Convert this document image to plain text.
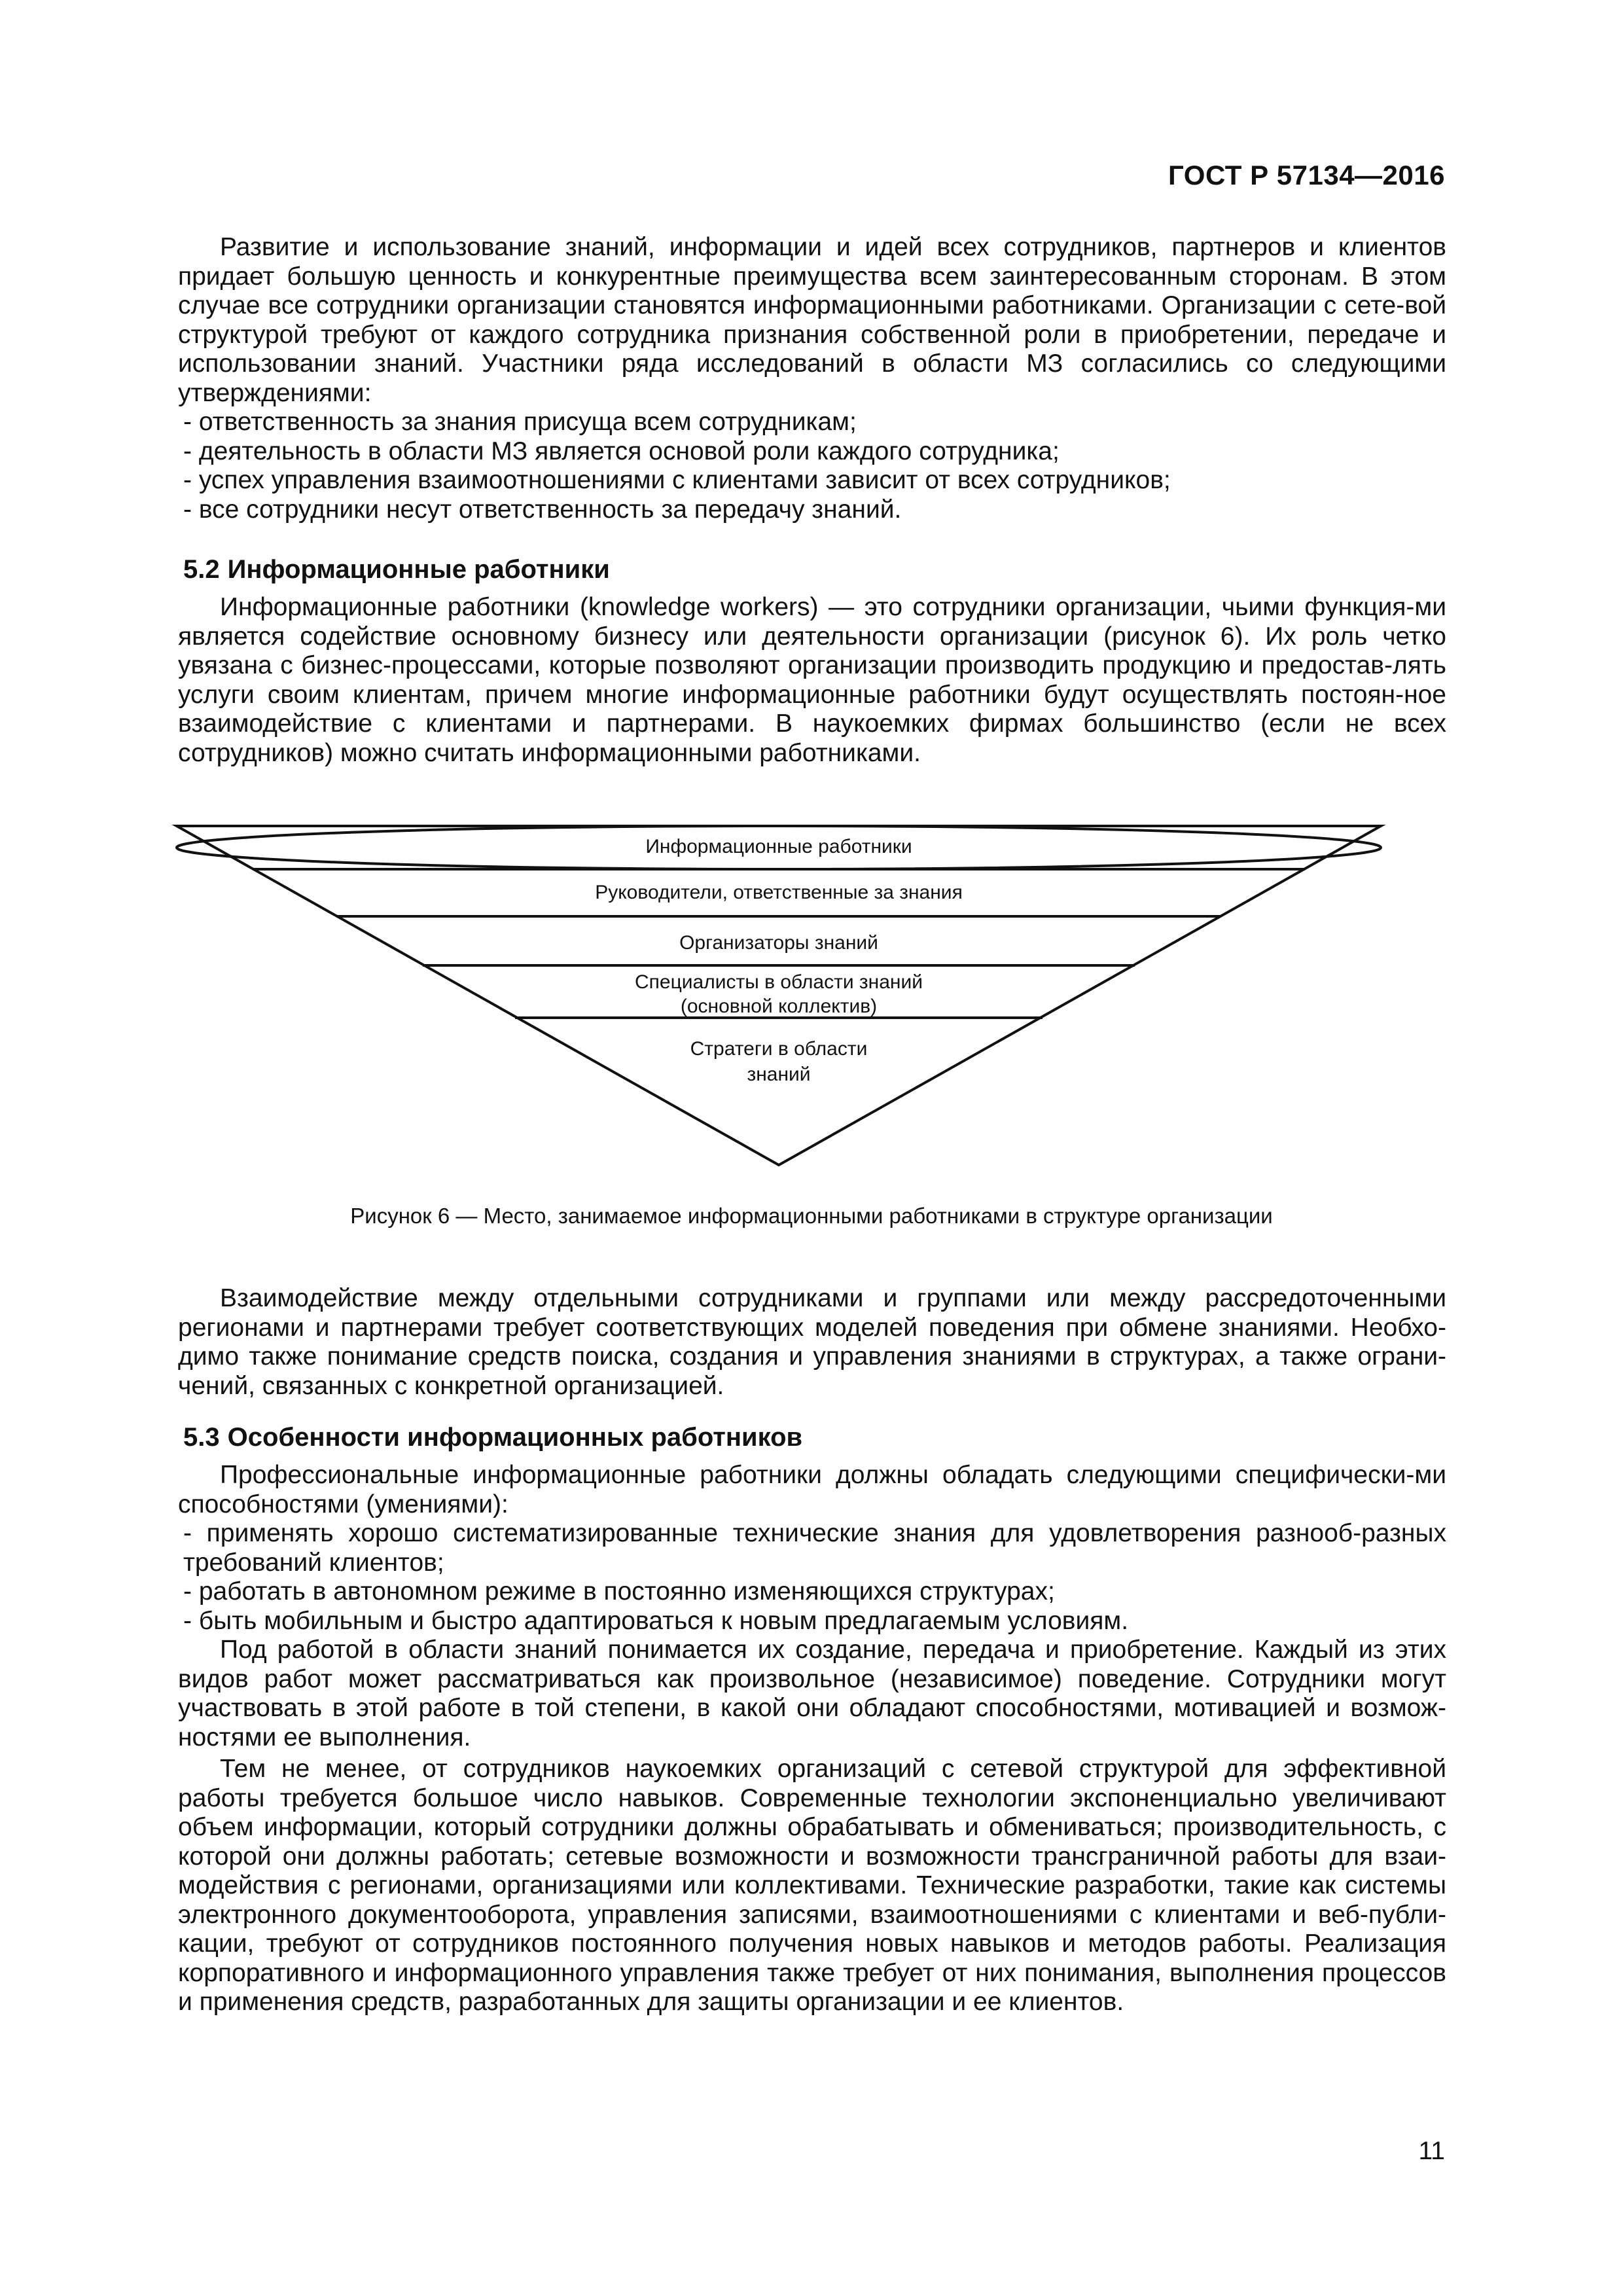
ГОСТ Р 57134—2016

Развитие и использование знаний, информации и идей всех сотрудников, партнеров и клиентов придает большую ценность и конкурентные преимущества всем заинтересованным сторонам. В этом случае все сотрудники организации становятся информационными работниками. Организации с сете-вой структурой требуют от каждого сотрудника признания собственной роли в приобретении, передаче и использовании знаний. Участники ряда исследований в области МЗ согласились со следующими утверждениями:

- ответственность за знания присуща всем сотрудникам;
- деятельность в области МЗ является основой роли каждого сотрудника;
- успех управления взаимоотношениями с клиентами зависит от всех сотрудников;
- все сотрудники несут ответственность за передачу знаний.
5.2 Информационные работники

Информационные работники (knowledge workers) — это сотрудники организации, чьими функция-ми является содействие основному бизнесу или деятельности организации (рисунок 6). Их роль четко увязана с бизнес-процессами, которые позволяют организации производить продукцию и предостав-лять услуги своим клиентам, причем многие информационные работники будут осуществлять постоян-ное взаимодействие с клиентами и партнерами. В наукоемких фирмах большинство (если не всех сотрудников) можно считать информационными работниками.

Информационные работники
Руководители, ответственные за знания
Организаторы знаний
Специалисты в области знаний
(основной коллектив)
Стратеги в области
знаний
Рисунок 6 — Место, занимаемое информационными работниками в структуре организации

Взаимодействие между отдельными сотрудниками и группами или между рассредоточенными регионами и партнерами требует соответствующих моделей поведения при обмене знаниями. Необхо-димо также понимание средств поиска, создания и управления знаниями в структурах, а также ограни-чений, связанных с конкретной организацией.

5.3 Особенности информационных работников

Профессиональные информационные работники должны обладать следующими специфически-ми способностями (умениями):

- применять хорошо систематизированные технические знания для удовлетворения разнооб-разных требований клиентов;
- работать в автономном режиме в постоянно изменяющихся структурах;
- быть мобильным и быстро адаптироваться к новым предлагаемым условиям.

Под работой в области знаний понимается их создание, передача и приобретение. Каждый из этих видов работ может рассматриваться как произвольное (независимое) поведение. Сотрудники могут участвовать в этой работе в той степени, в какой они обладают способностями, мотивацией и возмож-ностями ее выполнения.

Тем не менее, от сотрудников наукоемких организаций с сетевой структурой для эффективной работы требуется большое число навыков. Современные технологии экспоненциально увеличивают объем информации, который сотрудники должны обрабатывать и обмениваться; производительность, с которой они должны работать; сетевые возможности и возможности трансграничной работы для взаи-модействия с регионами, организациями или коллективами. Технические разработки, такие как системы электронного документооборота, управления записями, взаимоотношениями с клиентами и веб-публи-кации, требуют от сотрудников постоянного получения новых навыков и методов работы. Реализация корпоративного и информационного управления также требует от них понимания, выполнения процессов и применения средств, разработанных для защиты организации и ее клиентов.

11
